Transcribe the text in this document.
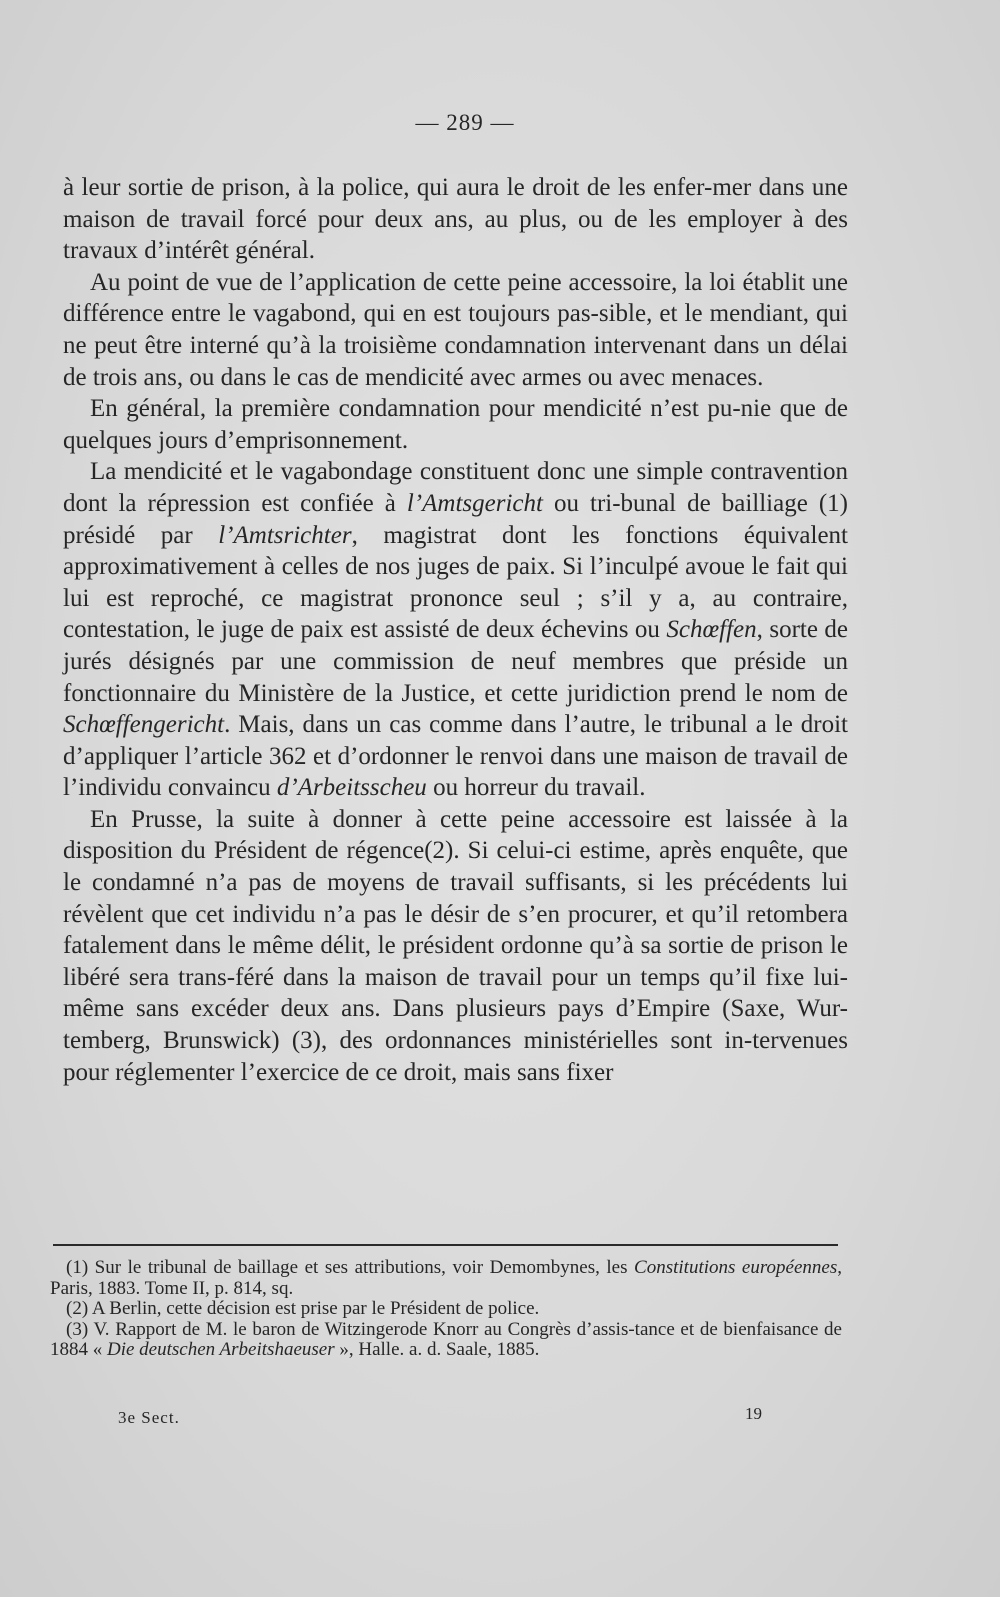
— 289 —

à leur sortie de prison, à la police, qui aura le droit de les enfer-mer dans une maison de travail forcé pour deux ans, au plus, ou de les employer à des travaux d’intérêt général.

Au point de vue de l’application de cette peine accessoire, la loi établit une différence entre le vagabond, qui en est toujours pas-sible, et le mendiant, qui ne peut être interné qu’à la troisième condamnation intervenant dans un délai de trois ans, ou dans le cas de mendicité avec armes ou avec menaces.

En général, la première condamnation pour mendicité n’est pu-nie que de quelques jours d’emprisonnement.

La mendicité et le vagabondage constituent donc une simple contravention dont la répression est confiée à l’Amtsgericht ou tri-bunal de bailliage (1) présidé par l’Amtsrichter, magistrat dont les fonctions équivalent approximativement à celles de nos juges de paix. Si l’inculpé avoue le fait qui lui est reproché, ce magistrat prononce seul ; s’il y a, au contraire, contestation, le juge de paix est assisté de deux échevins ou Schœffen, sorte de jurés désignés par une commission de neuf membres que préside un fonctionnaire du Ministère de la Justice, et cette juridiction prend le nom de Schœffengericht. Mais, dans un cas comme dans l’autre, le tribunal a le droit d’appliquer l’article 362 et d’ordonner le renvoi dans une maison de travail de l’individu convaincu d’Arbeitsscheu ou horreur du travail.

En Prusse, la suite à donner à cette peine accessoire est laissée à la disposition du Président de régence(2). Si celui-ci estime, après enquête, que le condamné n’a pas de moyens de travail suffisants, si les précédents lui révèlent que cet individu n’a pas le désir de s’en procurer, et qu’il retombera fatalement dans le même délit, le président ordonne qu’à sa sortie de prison le libéré sera trans-féré dans la maison de travail pour un temps qu’il fixe lui-même sans excéder deux ans. Dans plusieurs pays d’Empire (Saxe, Wur-temberg, Brunswick) (3), des ordonnances ministérielles sont in-tervenues pour réglementer l’exercice de ce droit, mais sans fixer

(1) Sur le tribunal de baillage et ses attributions, voir Demombynes, les Constitutions européennes, Paris, 1883. Tome II, p. 814, sq.

(2) A Berlin, cette décision est prise par le Président de police.

(3) V. Rapport de M. le baron de Witzingerode Knorr au Congrès d’assis-tance et de bienfaisance de 1884 « Die deutschen Arbeitshaeuser », Halle. a. d. Saale, 1885.

3e Sect.	19
